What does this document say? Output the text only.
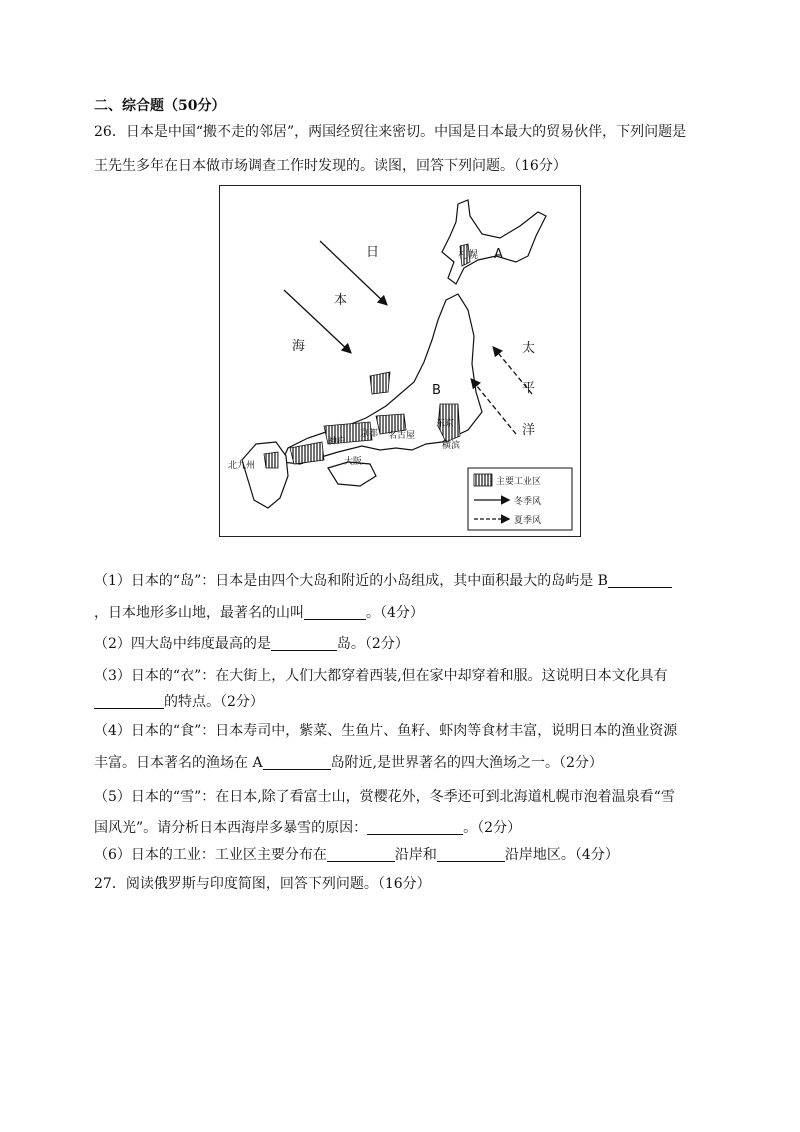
二、综合题（50分）
26．日本是中国“搬不走的邻居”，两国经贸往来密切。中国是日本最大的贸易伙伴，下列问题是
王先生多年在日本做市场调查工作时发现的。读图，回答下列问题。（16分）
日
本
海	太
平
洋
A
B
札幌
东京
横滨
名古屋
京都
神户
大阪
北九州
主要工业区
冬季风
夏季风
（1）日本的“岛”：日本是由四个大岛和附近的小岛组成，其中面积最大的岛屿是 B
，日本地形多山地，最著名的山叫	。（4分）
（2）四大岛中纬度最高的是	岛。（2分）
（3）日本的“衣”：在大街上，人们大都穿着西装,但在家中却穿着和服。这说明日本文化具有
的特点。（2分）
（4）日本的“食”：日本寿司中，紫菜、生鱼片、鱼籽、虾肉等食材丰富，说明日本的渔业资源
丰富。日本著名的渔场在 A	岛附近,是世界著名的四大渔场之一。（2分）
（5）日本的“雪”：在日本,除了看富士山，赏樱花外，冬季还可到北海道札幌市泡着温泉看“雪
国风光”。请分析日本西海岸多暴雪的原因：	。（2分）
（6）日本的工业：工业区主要分布在	沿岸和	沿岸地区。（4分）
27．阅读俄罗斯与印度简图，回答下列问题。（16分）
